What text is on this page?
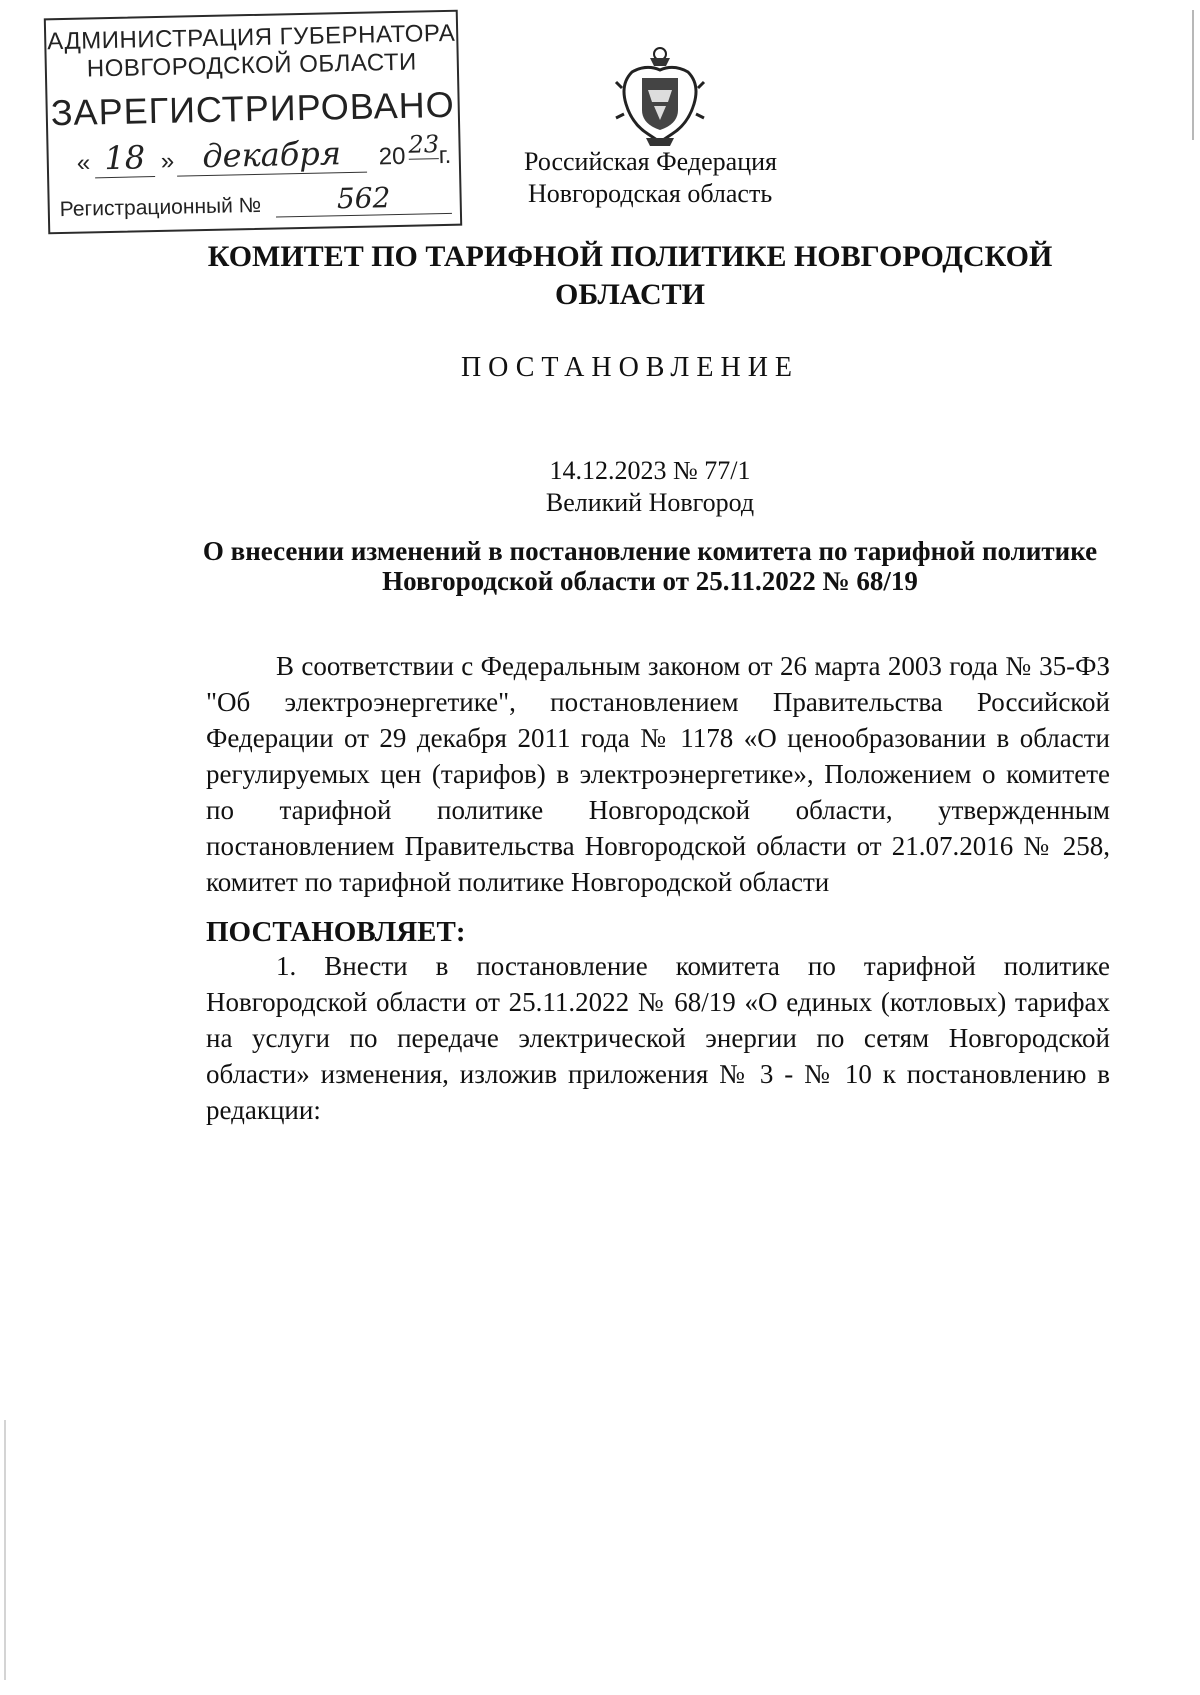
АДМИНИСТРАЦИЯ ГУБЕРНАТОРА
НОВГОРОДСКОЙ ОБЛАСТИ
ЗАРЕГИСТРИРОВАНО
« 18 » декабря	20 23 г.
Регистрационный №	562
Российская Федерация
Новгородская область
КОМИТЕТ ПО ТАРИФНОЙ ПОЛИТИКЕ НОВГОРОДСКОЙ ОБЛАСТИ
ПОСТАНОВЛЕНИЕ
14.12.2023 № 77/1
Великий Новгород
О внесении изменений в постановление комитета по тарифной политике Новгородской области от 25.11.2022 № 68/19

В соответствии с Федеральным законом от 26 марта 2003 года № 35-ФЗ "Об электроэнергетике", постановлением Правительства Российской Федерации от 29 декабря 2011 года № 1178 «О ценообразовании в области регулируемых цен (тарифов) в электроэнергетике», Положением о комитете по тарифной политике Новгородской области, утвержденным постановлением Правительства Новгородской области от 21.07.2016 № 258, комитет по тарифной политике Новгородской области

ПОСТАНОВЛЯЕТ:

1. Внести в постановление комитета по тарифной политике Новгородской области от 25.11.2022 № 68/19 «О единых (котловых) тарифах на услуги по передаче электрической энергии по сетям Новгородской области» изменения, изложив приложения № 3 - № 10 к постановлению в редакции:
